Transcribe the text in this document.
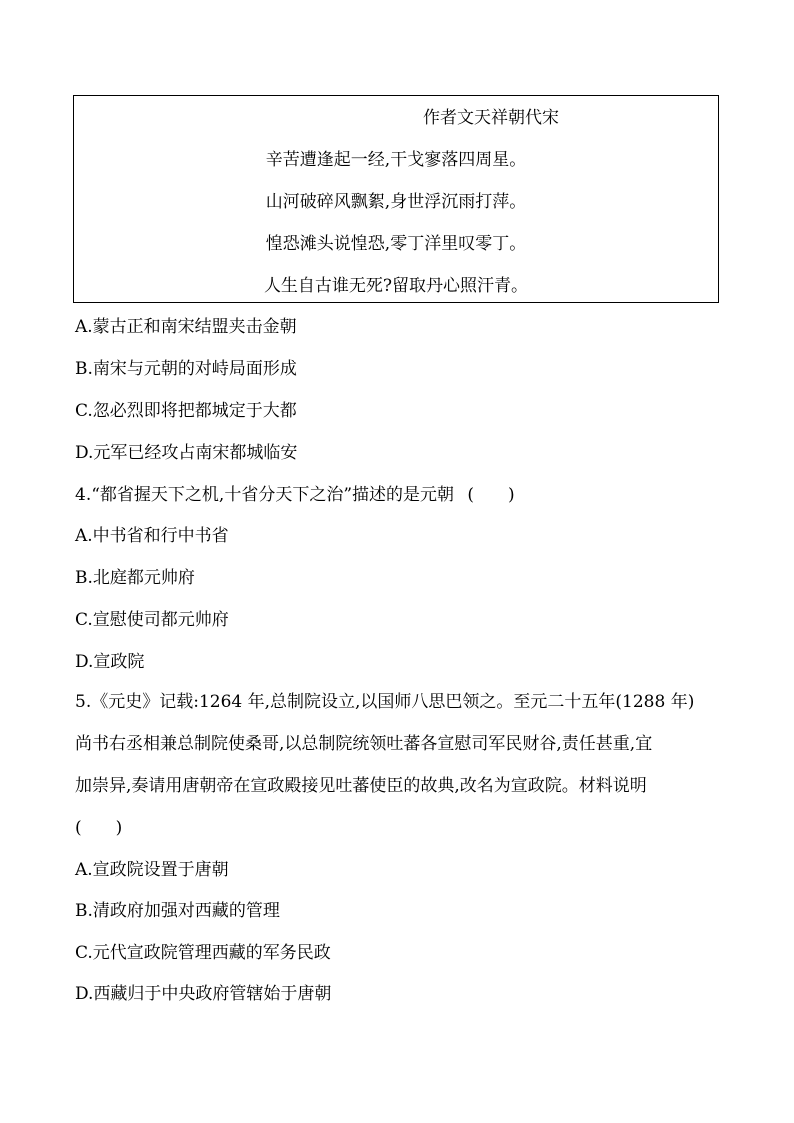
作者文天祥朝代宋
辛苦遭逢起一经,干戈寥落四周星。
山河破碎风飘絮,身世浮沉雨打萍。
惶恐滩头说惶恐,零丁洋里叹零丁。
人生自古谁无死?留取丹心照汗青。
A.蒙古正和南宋结盟夹击金朝
B.南宋与元朝的对峙局面形成
C.忽必烈即将把都城定于大都
D.元军已经攻占南宋都城临安
4.“都省握天下之机,十省分天下之治”描述的是元朝 (　　)
A.中书省和行中书省
B.北庭都元帅府
C.宣慰使司都元帅府
D.宣政院
5.《元史》记载:1264 年,总制院设立,以国师八思巴领之。至元二十五年(1288 年)
尚书右丞相兼总制院使桑哥,以总制院统领吐蕃各宣慰司军民财谷,责任甚重,宜
加崇异,奏请用唐朝帝在宣政殿接见吐蕃使臣的故典,改名为宣政院。材料说明
(　　)
A.宣政院设置于唐朝
B.清政府加强对西藏的管理
C.元代宣政院管理西藏的军务民政
D.西藏归于中央政府管辖始于唐朝
